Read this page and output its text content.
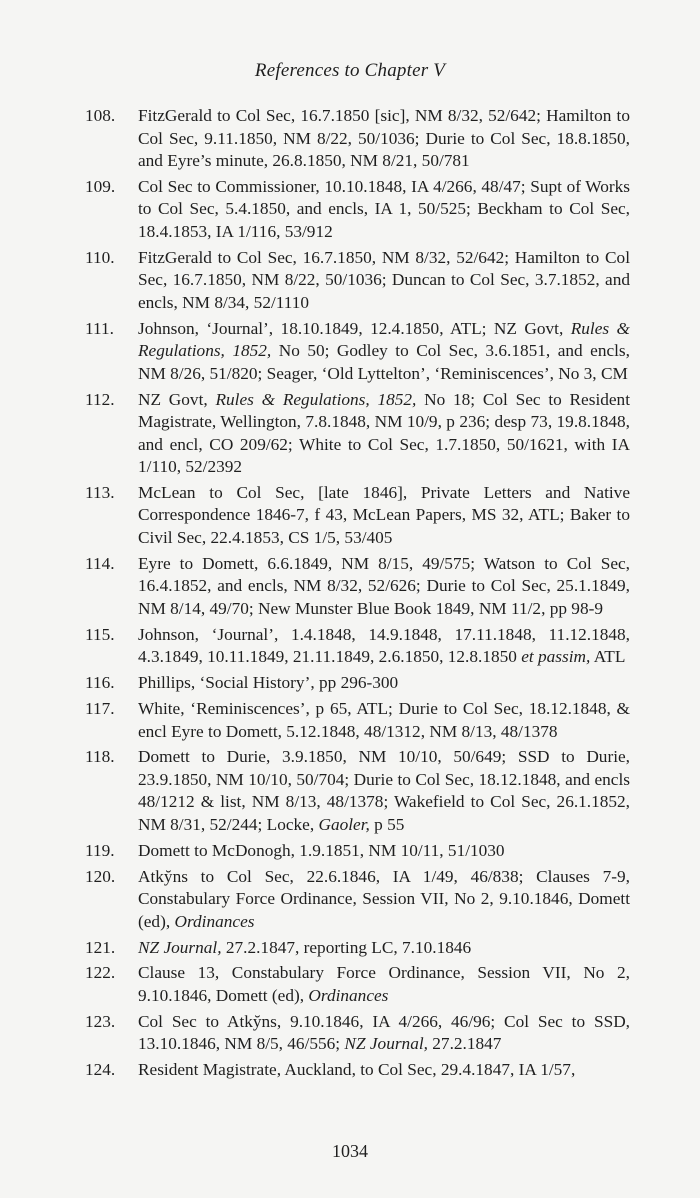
References to Chapter V
108.	FitzGerald to Col Sec, 16.7.1850 [sic], NM 8/32, 52/642; Hamilton to Col Sec, 9.11.1850, NM 8/22, 50/1036; Durie to Col Sec, 18.8.1850, and Eyre’s minute, 26.8.1850, NM 8/21, 50/781
109.	Col Sec to Commissioner, 10.10.1848, IA 4/266, 48/47; Supt of Works to Col Sec, 5.4.1850, and encls, IA 1, 50/525; Beckham to Col Sec, 18.4.1853, IA 1/116, 53/912
110.	FitzGerald to Col Sec, 16.7.1850, NM 8/32, 52/642; Hamilton to Col Sec, 16.7.1850, NM 8/22, 50/1036; Duncan to Col Sec, 3.7.1852, and encls, NM 8/34, 52/1110
111.	Johnson, ‘Journal’, 18.10.1849, 12.4.1850, ATL; NZ Govt, Rules & Regulations, 1852, No 50; Godley to Col Sec, 3.6.1851, and encls, NM 8/26, 51/820; Seager, ‘Old Lyttelton’, ‘Reminiscences’, No 3, CM
112.	NZ Govt, Rules & Regulations, 1852, No 18; Col Sec to Resident Magistrate, Wellington, 7.8.1848, NM 10/9, p 236; desp 73, 19.8.1848, and encl, CO 209/62; White to Col Sec, 1.7.1850, 50/1621, with IA 1/110, 52/2392
113.	McLean to Col Sec, [late 1846], Private Letters and Native Correspondence 1846-7, f 43, McLean Papers, MS 32, ATL; Baker to Civil Sec, 22.4.1853, CS 1/5, 53/405
114.	Eyre to Domett, 6.6.1849, NM 8/15, 49/575; Watson to Col Sec, 16.4.1852, and encls, NM 8/32, 52/626; Durie to Col Sec, 25.1.1849, NM 8/14, 49/70; New Munster Blue Book 1849, NM 11/2, pp 98-9
115.	Johnson, ‘Journal’, 1.4.1848, 14.9.1848, 17.11.1848, 11.12.1848, 4.3.1849, 10.11.1849, 21.11.1849, 2.6.1850, 12.8.1850 et passim, ATL
116.	Phillips, ‘Social History’, pp 296-300
117.	White, ‘Reminiscences’, p 65, ATL; Durie to Col Sec, 18.12.1848, & encl Eyre to Domett, 5.12.1848, 48/1312, NM 8/13, 48/1378
118.	Domett to Durie, 3.9.1850, NM 10/10, 50/649; SSD to Durie, 23.9.1850, NM 10/10, 50/704; Durie to Col Sec, 18.12.1848, and encls 48/1212 & list, NM 8/13, 48/1378; Wakefield to Col Sec, 26.1.1852, NM 8/31, 52/244; Locke, Gaoler, p 55
119.	Domett to McDonogh, 1.9.1851, NM 10/11, 51/1030
120.	Atky̆ns to Col Sec, 22.6.1846, IA 1/49, 46/838; Clauses 7-9, Constabulary Force Ordinance, Session VII, No 2, 9.10.1846, Domett (ed), Ordinances
121.	NZ Journal, 27.2.1847, reporting LC, 7.10.1846
122.	Clause 13, Constabulary Force Ordinance, Session VII, No 2, 9.10.1846, Domett (ed), Ordinances
123.	Col Sec to Atky̆ns, 9.10.1846, IA 4/266, 46/96; Col Sec to SSD, 13.10.1846, NM 8/5, 46/556; NZ Journal, 27.2.1847
124.	Resident Magistrate, Auckland, to Col Sec, 29.4.1847, IA 1/57,
1034
